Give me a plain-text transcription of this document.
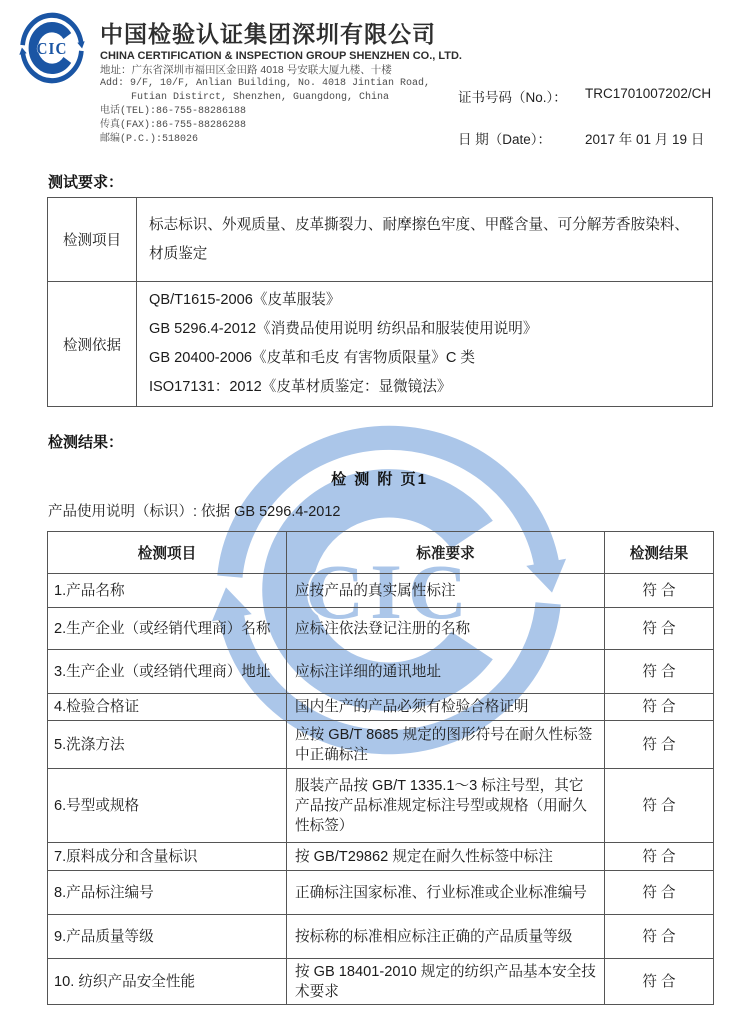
中国检验认证集团深圳有限公司
CHINA CERTIFICATION & INSPECTION GROUP SHENZHEN CO., LTD.
地址：广东省深圳市福田区金田路 4018 号安联大厦九楼、十楼
Add: 9/F, 10/F, Anlian Building, No. 4018 Jintian Road,
Futian Distirct, Shenzhen, Guangdong, China
电话(TEL):86-755-88286188
传真(FAX):86-755-88286288
邮编(P.C.):518026
证书号码（No.）：	TRC1701007202/CH
日 期（Date）：	2017 年 01 月 19 日
测试要求：
检测项目	标志标识、外观质量、皮革撕裂力、耐摩擦色牢度、甲醛含量、可分解芳香胺染料、材质鉴定
检测依据	QB/T1615-2006《皮革服装》
GB 5296.4-2012《消费品使用说明 纺织品和服装使用说明》
GB 20400-2006《皮革和毛皮 有害物质限量》C 类
ISO17131：2012《皮革材质鉴定：显微镜法》
检测结果：
检 测 附 页1
产品使用说明（标识）: 依据 GB 5296.4-2012
检测项目	标准要求	检测结果
1.产品名称	应按产品的真实属性标注	符 合
2.生产企业（或经销代理商）名称	应标注依法登记注册的名称	符 合
3.生产企业（或经销代理商）地址	应标注详细的通讯地址	符 合
4.检验合格证	国内生产的产品必须有检验合格证明	符 合
5.洗涤方法	应按 GB/T 8685 规定的图形符号在耐久性标签中正确标注	符 合
6.号型或规格	服装产品按 GB/T 1335.1～3 标注号型，其它产品按产品标准规定标注号型或规格（用耐久性标签）	符 合
7.原料成分和含量标识	按 GB/T29862 规定在耐久性标签中标注	符 合
8.产品标注编号	正确标注国家标准、行业标准或企业标准编号	符 合
9.产品质量等级	按标称的标准相应标注正确的产品质量等级	符 合
10. 纺织产品安全性能	按 GB 18401-2010 规定的纺织产品基本安全技术要求	符 合
